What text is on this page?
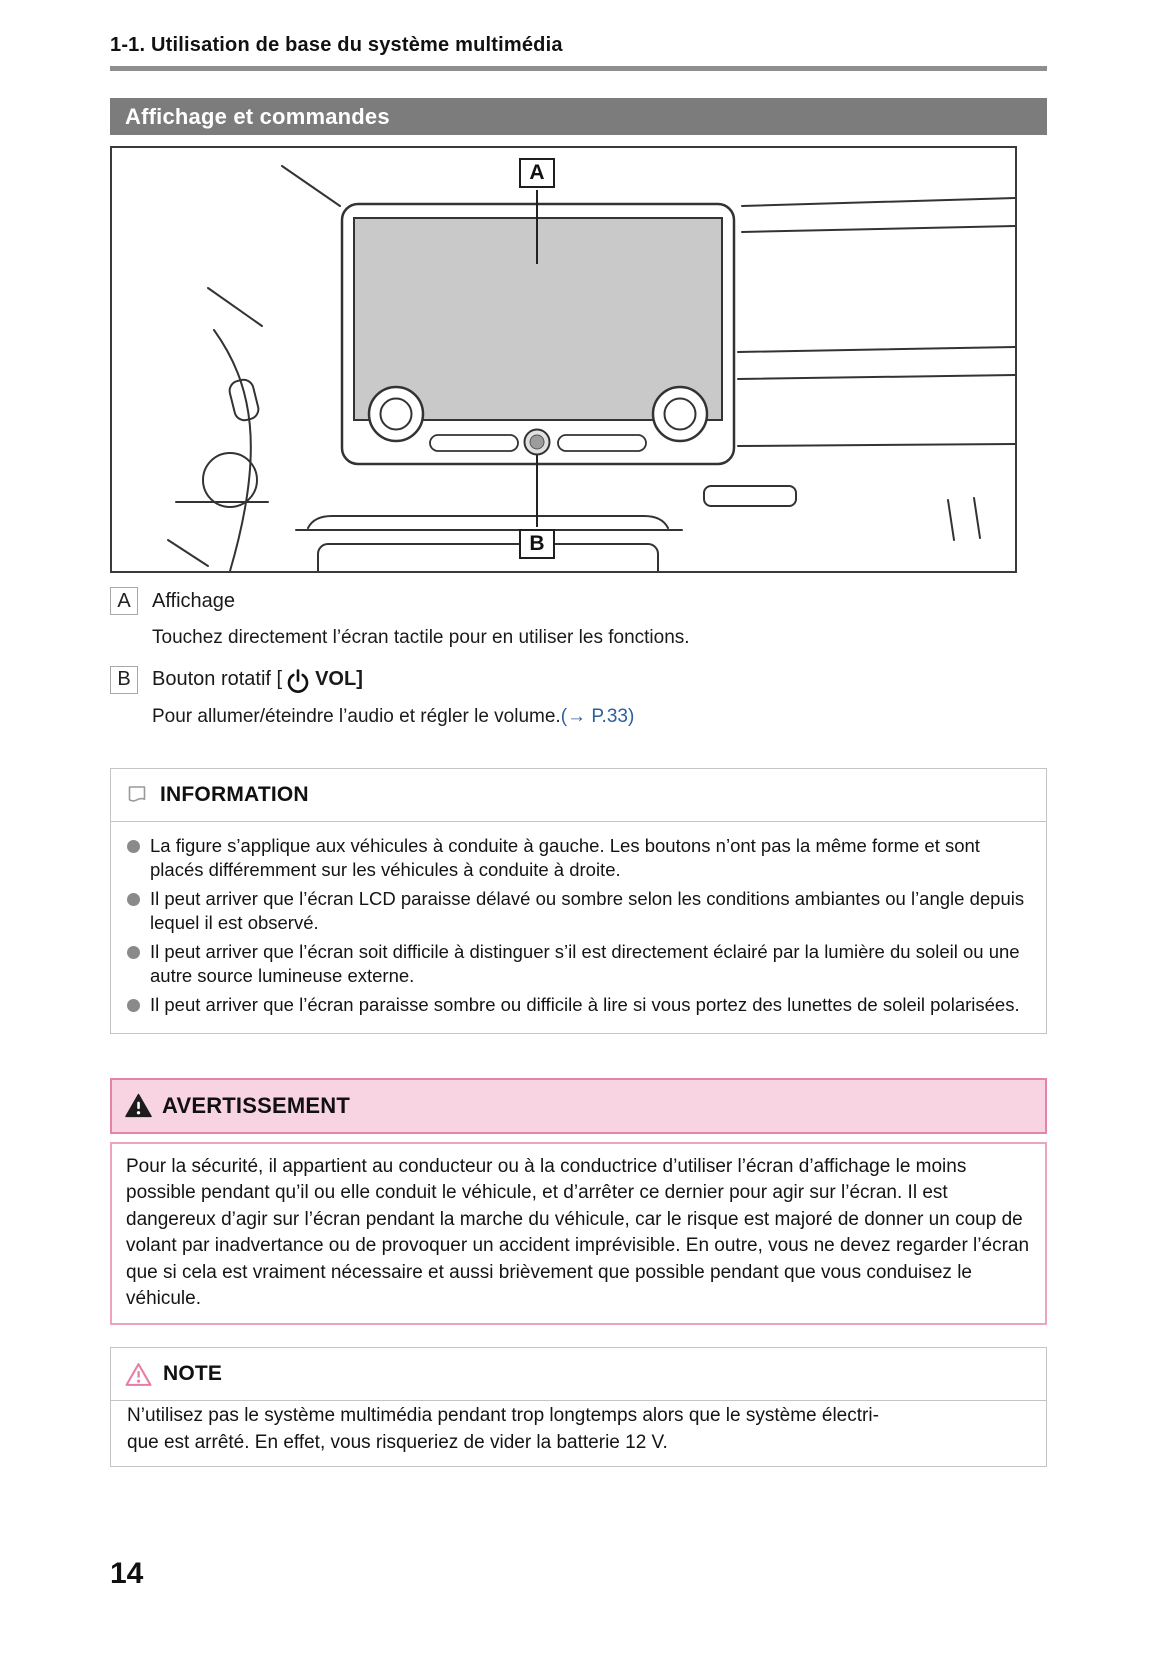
1-1. Utilisation de base du système multimédia
Affichage et commandes
A
B
A	Affichage
Touchez directement l’écran tactile pour en utiliser les fonctions.
B	Bouton rotatif [ VOL ]
Pour allumer/éteindre l’audio et régler le volume.(→ P.33)
INFORMATION
La figure s’applique aux véhicules à conduite à gauche. Les boutons n’ont pas la même forme et sont placés différemment sur les véhicules à conduite à droite.
Il peut arriver que l’écran LCD paraisse délavé ou sombre selon les conditions ambiantes ou l’angle depuis lequel il est observé.
Il peut arriver que l’écran soit difficile à distinguer s’il est directement éclairé par la lumière du soleil ou une autre source lumineuse externe.
Il peut arriver que l’écran paraisse sombre ou difficile à lire si vous portez des lunettes de soleil polarisées.
AVERTISSEMENT
Pour la sécurité, il appartient au conducteur ou à la conductrice d’utiliser l’écran d’affichage le moins possible pendant qu’il ou elle conduit le véhicule, et d’arrêter ce dernier pour agir sur l’écran. Il est dangereux d’agir sur l’écran pendant la marche du véhicule, car le risque est majoré de donner un coup de volant par inadvertance ou de provoquer un accident imprévisible. En outre, vous ne devez regarder l’écran que si cela est vraiment nécessaire et aussi brièvement que possible pendant que vous conduisez le véhicule.
NOTE
N’utilisez pas le système multimédia pendant trop longtemps alors que le système électri-
que est arrêté. En effet, vous risqueriez de vider la batterie 12 V.
14
